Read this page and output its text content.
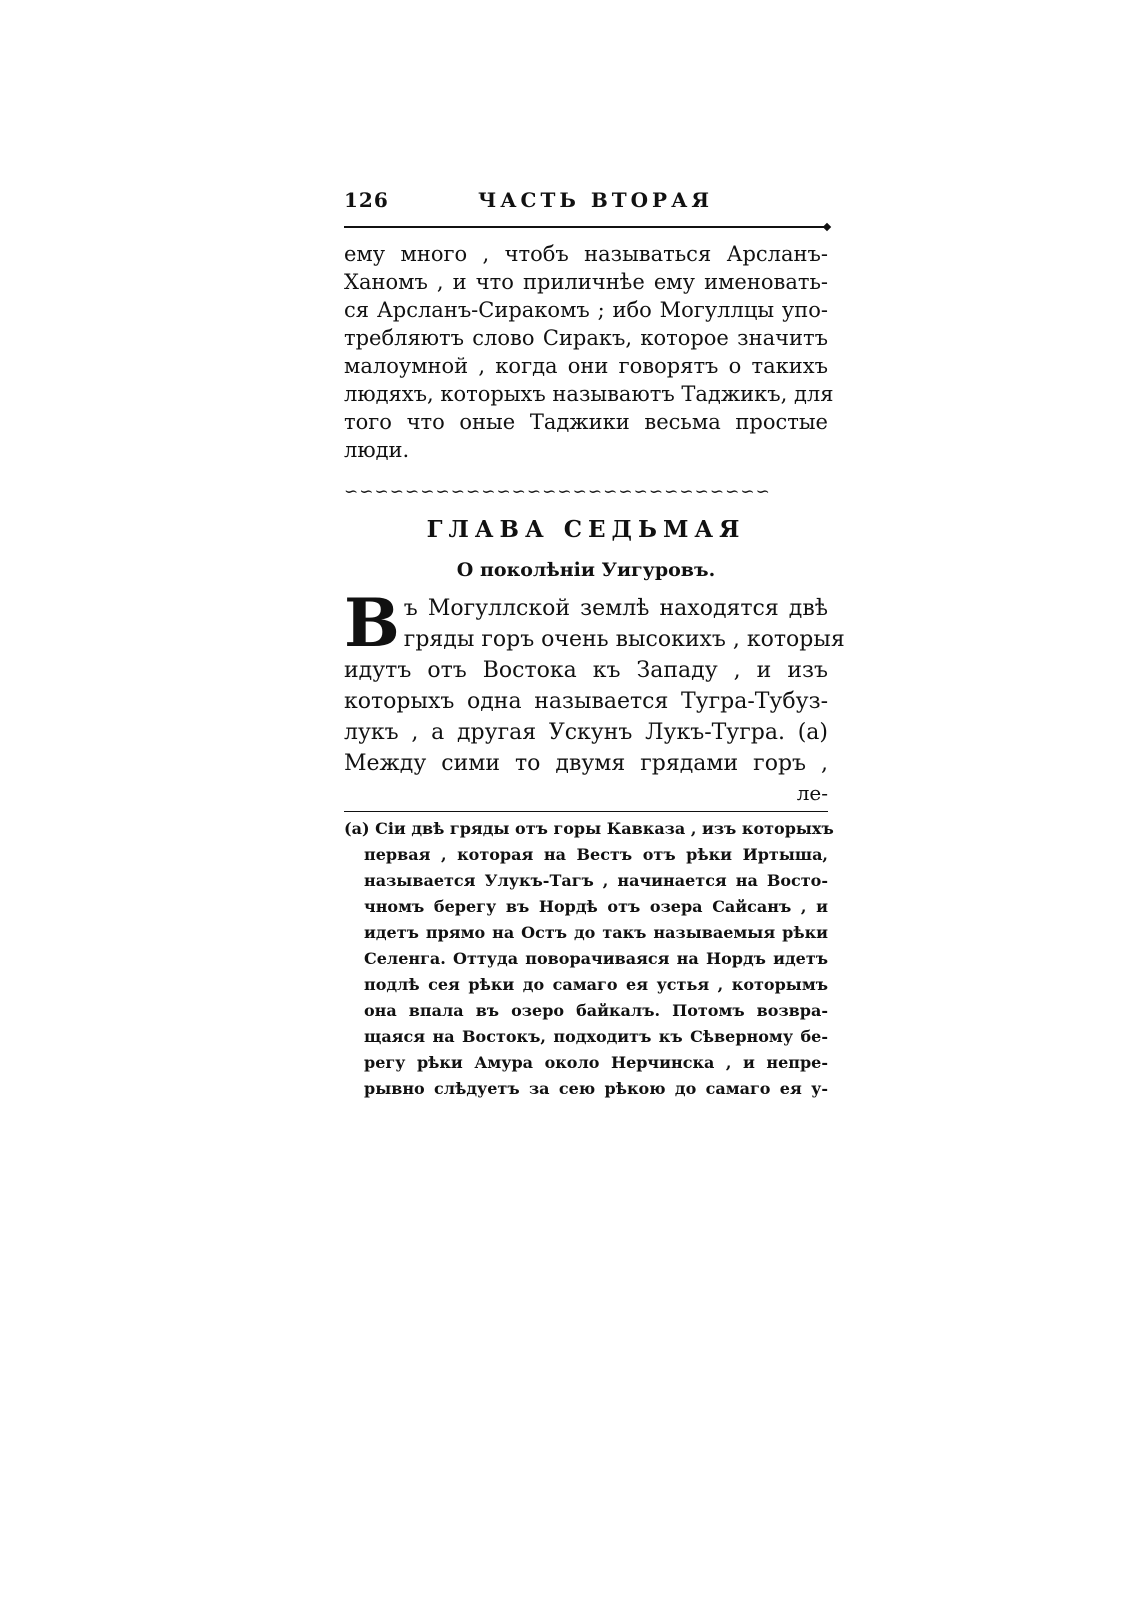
126	ЧАСТЬ ВТОРАЯ
ему много , чтобъ называться Арсланъ-
Ханомъ , и что приличнѣе ему именовать-
ся Арсланъ-Сиракомъ ; ибо Могуллцы упо-
требляютъ слово Сиракъ, которое значитъ
малоумной , когда они говорятъ о такихъ
людяхъ, которыхъ называютъ Таджикъ, для
того что оные Таджики весьма простые
люди.
∽∽∽∽∽∽∽∽∽∽∽∽∽∽∽∽∽∽∽∽∽∽∽∽∽∽∽∽
ГЛАВА СЕДЬМАЯ
О поколѣніи Уигуровъ.
В ъ Могуллской землѣ находятся двѣ
гряды горъ очень высокихъ , которыя
идутъ отъ Востока къ Западу , и изъ
которыхъ одна называется Тугра-Тубуз-
лукъ , а другая Ускунъ Лукъ-Тугра. (а)
Между сими то двумя грядами горъ ,
ле-
(а) Сіи двѣ гряды отъ горы Кавказа , изъ которыхъ
первая , которая на Вестъ отъ рѣки Иртыша,
называется Улукъ-Тагъ , начинается на Восто-
чномъ берегу въ Нордѣ отъ озера Сайсанъ , и
идетъ прямо на Остъ до такъ называемыя рѣки
Селенга. Оттуда поворачиваяся на Нордъ идетъ
подлѣ сея рѣки до самаго ея устья , которымъ
она впала въ озеро байкалъ. Потомъ возвра-
щаяся на Востокъ, подходитъ къ Сѣверному бе-
регу рѣки Амура около Нерчинска , и непре-
рывно слѣдуетъ за сею рѣкою до самаго ея у-
